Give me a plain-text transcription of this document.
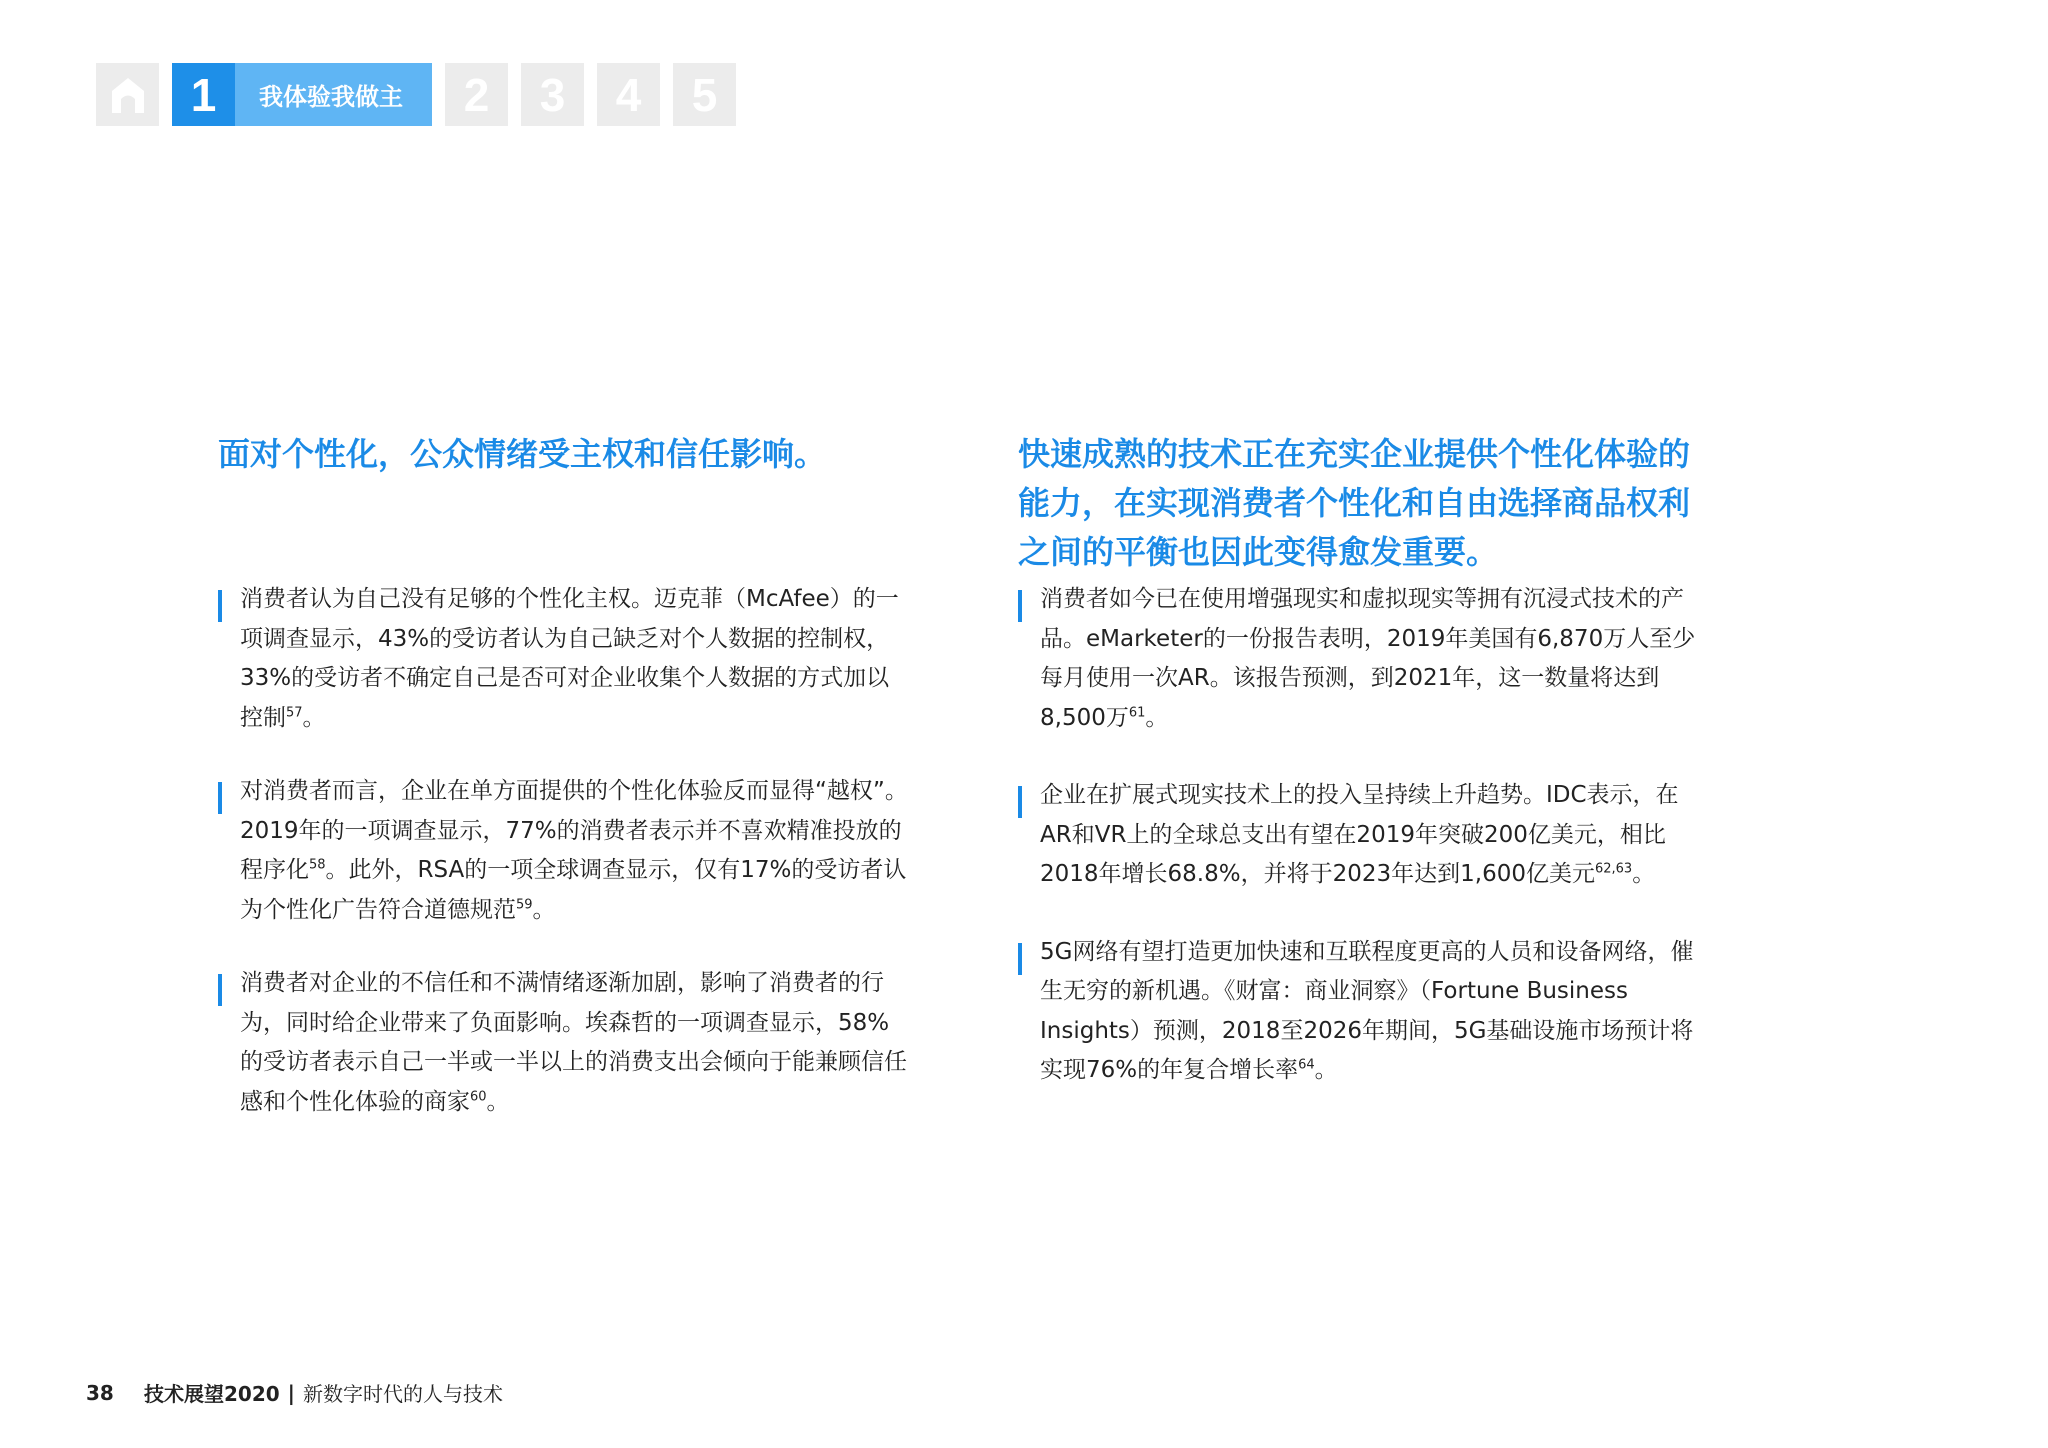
1	我体验我做主	2	3	4	5
面对个性化，公众情绪受主权和信任影响。

消费者认为自己没有足够的个性化主权。迈克菲（McAfee）的一项调查显示，43%的受访者认为自己缺乏对个人数据的控制权，33%的受访者不确定自己是否可对企业收集个人数据的方式加以控制$^{57}$。

对消费者而言，企业在单方面提供的个性化体验反而显得“越权”。2019年的一项调查显示，77%的消费者表示并不喜欢精准投放的程序化$^{58}$。此外，RSA的一项全球调查显示，仅有17%的受访者认为个性化广告符合道德规范$^{59}$。

消费者对企业的不信任和不满情绪逐渐加剧，影响了消费者的行为，同时给企业带来了负面影响。埃森哲的一项调查显示，58%的受访者表示自己一半或一半以上的消费支出会倾向于能兼顾信任感和个性化体验的商家$^{60}$。

快速成熟的技术正在充实企业提供个性化体验的能力，在实现消费者个性化和自由选择商品权利之间的平衡也因此变得愈发重要。

消费者如今已在使用增强现实和虚拟现实等拥有沉浸式技术的产品。eMarketer的一份报告表明，2019年美国有6,870万人至少每月使用一次AR。该报告预测，到2021年，这一数量将达到8,500万$^{61}$。

企业在扩展式现实技术上的投入呈持续上升趋势。IDC表示，在AR和VR上的全球总支出有望在2019年突破200亿美元，相比2018年增长68.8%，并将于2023年达到1,600亿美元$^{62,63}$。

5G网络有望打造更加快速和互联程度更高的人员和设备网络，催生无穷的新机遇。《财富：商业洞察》（Fortune Business Insights）预测，2018至2026年期间，5G基础设施市场预计将实现76%的年复合增长率$^{64}$。

38	技术展望2020 | 新数字时代的人与技术
